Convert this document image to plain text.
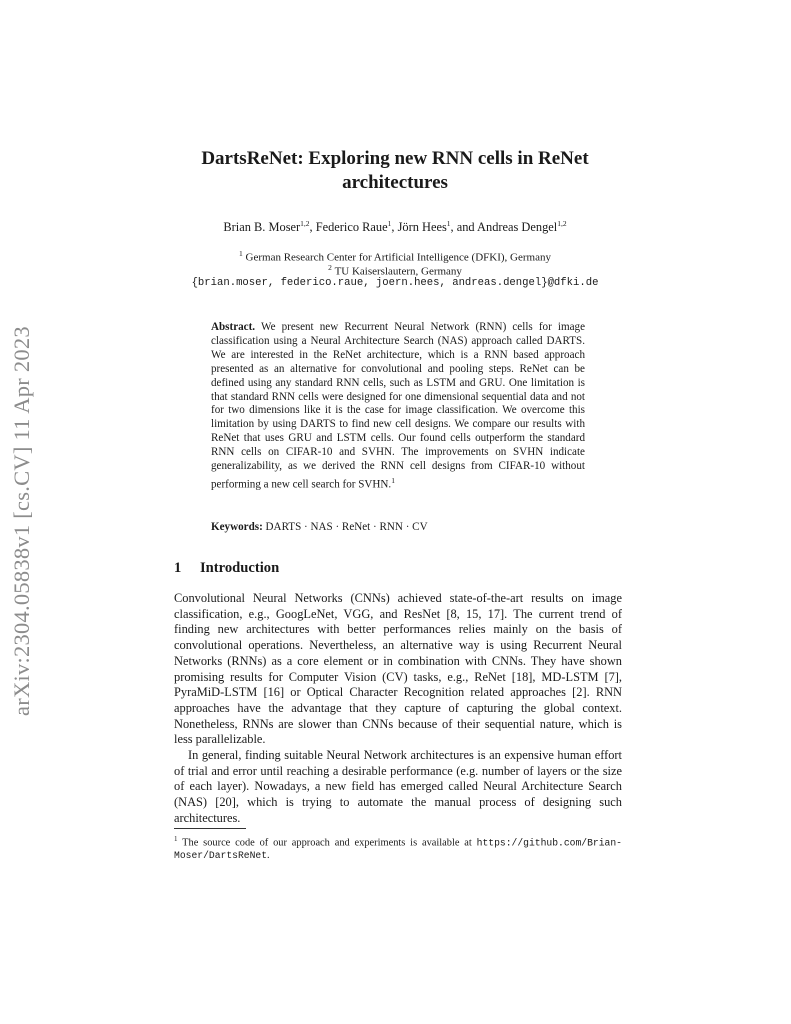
arXiv:2304.05838v1 [cs.CV] 11 Apr 2023
DartsReNet: Exploring new RNN cells in ReNet
architectures
Brian B. Moser$^{1,2}$, Federico Raue$^1$, Jörn Hees$^1$, and Andreas Dengel$^{1,2}$
$^1$ German Research Center for Artificial Intelligence (DFKI), Germany
$^2$ TU Kaiserslautern, Germany
{brian.moser, federico.raue, joern.hees, andreas.dengel}@dfki.de
Abstract. We present new Recurrent Neural Network (RNN) cells for image classification using a Neural Architecture Search (NAS) approach called DARTS. We are interested in the ReNet architecture, which is a RNN based approach presented as an alternative for convolutional and pooling steps. ReNet can be defined using any standard RNN cells, such as LSTM and GRU. One limitation is that standard RNN cells were designed for one dimensional sequential data and not for two dimensions like it is the case for image classification. We overcome this limitation by using DARTS to find new cell designs. We compare our results with ReNet that uses GRU and LSTM cells. Our found cells outperform the standard RNN cells on CIFAR-10 and SVHN. The improvements on SVHN indicate generalizability, as we derived the RNN cell designs from CIFAR-10 without performing a new cell search for SVHN.$^1$
Keywords: DARTS · NAS · ReNet · RNN · CV
1 Introduction

Convolutional Neural Networks (CNNs) achieved state-of-the-art results on image classification, e.g., GoogLeNet, VGG, and ResNet [8, 15, 17]. The current trend of finding new architectures with better performances relies mainly on the basis of convolutional operations. Nevertheless, an alternative way is using Recurrent Neural Networks (RNNs) as a core element or in combination with CNNs. They have shown promising results for Computer Vision (CV) tasks, e.g., ReNet [18], MD-LSTM [7], PyraMiD-LSTM [16] or Optical Character Recognition related approaches [2]. RNN approaches have the advantage that they capture of capturing the global context. Nonetheless, RNNs are slower than CNNs because of their sequential nature, which is less parallelizable.

In general, finding suitable Neural Network architectures is an expensive human effort of trial and error until reaching a desirable performance (e.g. number of layers or the size of each layer). Nowadays, a new field has emerged called Neural Architecture Search (NAS) [20], which is trying to automate the manual process of designing such architectures.

$^1$ The source code of our approach and experiments is available at https://github.com/Brian-Moser/DartsReNet.
